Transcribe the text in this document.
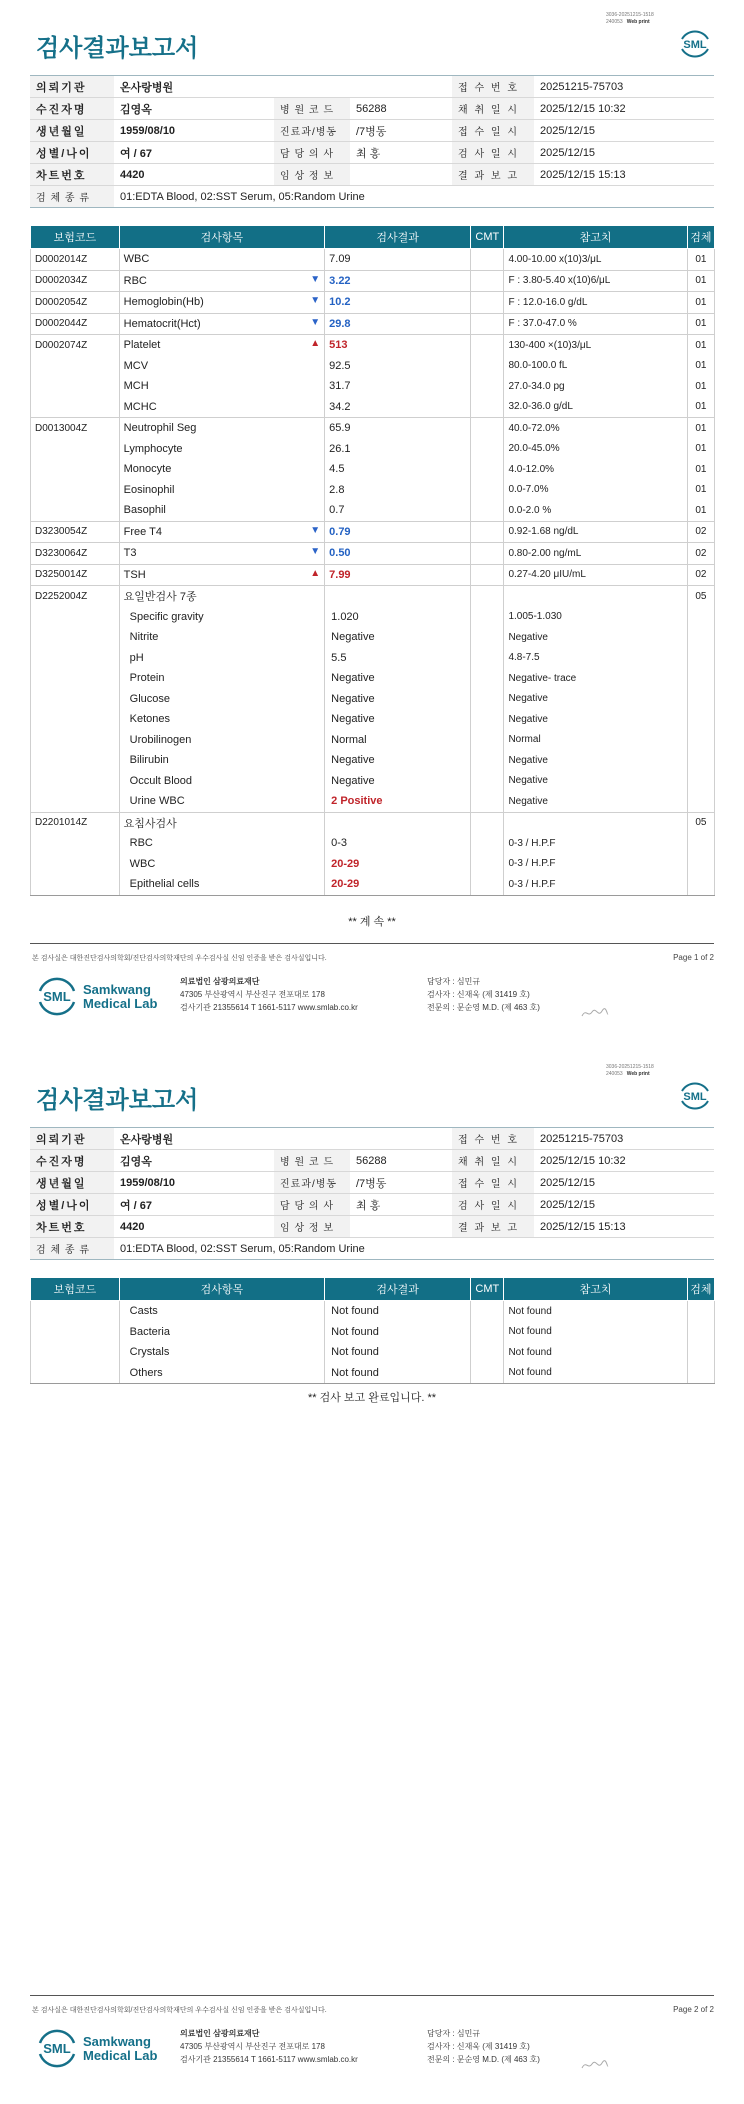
3036-20251215-1518
240053 Web print
검사결과보고서	SML
의뢰기관	온사랑병원			접 수 번 호	20251215-75703
수진자명	김영옥	병 원 코 드	56288	채 취 일 시	2025/12/15 10:32
생년월일	1959/08/10	진료과/병동	/7병동	접 수 일 시	2025/12/15
성별/나이	여 / 67	담 당 의 사	최 홍	검 사 일 시	2025/12/15
차트번호	4420	임 상 정 보		결 과 보 고	2025/12/15 15:13
검 체 종 류	01:EDTA Blood, 02:SST Serum, 05:Random Urine				
보험코드	검사항목	검사결과	CMT	참고치	검체
D0002014Z	WBC	7.09		4.00-10.00 x(10)3/μL	01
D0002034Z	RBC ▼	3.22		F : 3.80-5.40 x(10)6/μL	01
D0002054Z	Hemoglobin(Hb) ▼	10.2		F : 12.0-16.0 g/dL	01
D0002044Z	Hematocrit(Hct) ▼	29.8		F : 37.0-47.0 %	01
D0002074Z	Platelet ▲	513		130-400 ×(10)3/μL	01
	MCV	92.5		80.0-100.0 fL	01
	MCH	31.7		27.0-34.0 pg	01
	MCHC	34.2		32.0-36.0 g/dL	01
D0013004Z	Neutrophil Seg	65.9		40.0-72.0%	01
	Lymphocyte	26.1		20.0-45.0%	01
	Monocyte	4.5		4.0-12.0%	01
	Eosinophil	2.8		0.0-7.0%	01
	Basophil	0.7		0.0-2.0 %	01
D3230054Z	Free T4 ▼	0.79		0.92-1.68 ng/dL	02
D3230064Z	T3 ▼	0.50		0.80-2.00 ng/mL	02
D3250014Z	TSH ▲	7.99		0.27-4.20 μIU/mL	02
D2252004Z	요일반검사 7종				05
	Specific gravity	1.020		1.005-1.030	
	Nitrite	Negative		Negative	
	pH	5.5		4.8-7.5	
	Protein	Negative		Negative- trace	
	Glucose	Negative		Negative	
	Ketones	Negative		Negative	
	Urobilinogen	Normal		Normal	
	Bilirubin	Negative		Negative	
	Occult Blood	Negative		Negative	
	Urine WBC	2 Positive		Negative	
D2201014Z	요침사검사				05
	RBC	0-3		0-3 / H.P.F	
	WBC	20-29		0-3 / H.P.F	
	Epithelial cells	20-29		0-3 / H.P.F	
** 계 속 **
본 검사실은 대한진단검사의학회/진단검사의학재단의 우수검사실 신임 인증을 받은 검사실입니다.	Page 1 of 2
SML Samkwang
Medical Lab
의료법인 삼광의료재단
47305 부산광역시 부산진구 전포대로 178
검사기관 21355614 T 1661-5117 www.smlab.co.kr
담당자 : 심민규
검사자 : 신재욱 (제 31419 호)
전문의 : 문순영 M.D. (제 463 호)
3036-20251215-1518
240053 Web print
검사결과보고서	SML
의뢰기관	온사랑병원			접 수 번 호	20251215-75703
수진자명	김영옥	병 원 코 드	56288	채 취 일 시	2025/12/15 10:32
생년월일	1959/08/10	진료과/병동	/7병동	접 수 일 시	2025/12/15
성별/나이	여 / 67	담 당 의 사	최 홍	검 사 일 시	2025/12/15
차트번호	4420	임 상 정 보		결 과 보 고	2025/12/15 15:13
검 체 종 류	01:EDTA Blood, 02:SST Serum, 05:Random Urine				
보험코드	검사항목	검사결과	CMT	참고치	검체
	Casts	Not found		Not found	
	Bacteria	Not found		Not found	
	Crystals	Not found		Not found	
	Others	Not found		Not found	
** 검사 보고 완료입니다. **
본 검사실은 대한진단검사의학회/진단검사의학재단의 우수검사실 신임 인증을 받은 검사실입니다.	Page 2 of 2
SML Samkwang
Medical Lab
의료법인 삼광의료재단
47305 부산광역시 부산진구 전포대로 178
검사기관 21355614 T 1661-5117 www.smlab.co.kr
담당자 : 심민규
검사자 : 신재욱 (제 31419 호)
전문의 : 문순영 M.D. (제 463 호)
